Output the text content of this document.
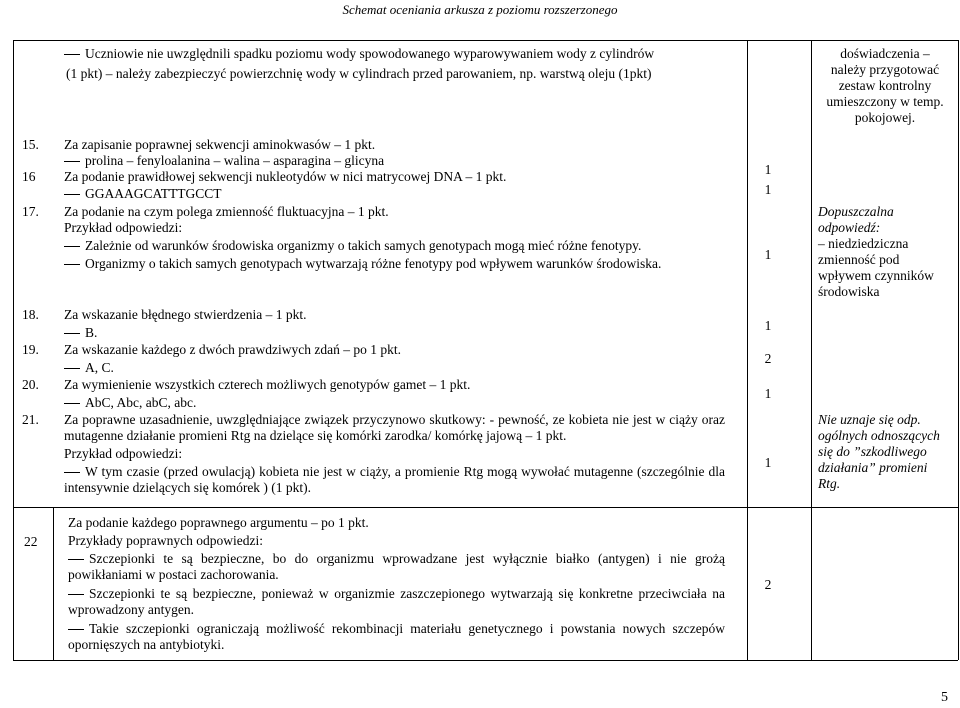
Schemat oceniania arkusza z poziomu rozszerzonego
Uczniowie nie uwzględnili spadku poziomu wody spowodowanego wyparowywaniem wody z cylindrów
(1 pkt) – należy zabezpieczyć powierzchnię wody w cylindrach przed parowaniem, np. warstwą oleju (1pkt)
doświadczenia –
należy przygotować
zestaw kontrolny
umieszczony w temp.
pokojowej.
15. Za zapisanie poprawnej sekwencji aminokwasów – 1 pkt.
prolina – fenyloalanina – walina – asparagina – glicyna
1
16 Za podanie prawidłowej sekwencji nukleotydów w nici matrycowej DNA – 1 pkt.
GGAAAGCATTTGCCT	1
17. Za podanie na czym polega zmienność fluktuacyjna – 1 pkt.
Przykład odpowiedzi:
Zależnie od warunków środowiska organizmy o takich samych genotypach mogą mieć różne fenotypy.
Organizmy o takich samych genotypach wytwarzają różne fenotypy pod wpływem warunków środowiska.
1
Dopuszczalna
odpowiedź:
– niedziedziczna
zmienność pod
wpływem czynników
środowiska
18. Za wskazanie błędnego stwierdzenia – 1 pkt.
B.	1
19. Za wskazanie każdego z dwóch prawdziwych zdań – po 1 pkt.
A, C.
2
20. Za wymienienie wszystkich czterech możliwych genotypów gamet – 1 pkt.
AbC, Abc, abC, abc.
1
21. Za poprawne uzasadnienie, uwzględniające związek przyczynowo skutkowy: - pewność, ze kobieta nie jest w ciąży oraz mutagenne działanie promieni Rtg na dzielące się komórki zarodka/ komórkę jajową – 1 pkt.
Przykład odpowiedzi:
W tym czasie (przed owulacją) kobieta nie jest w ciąży, a promienie Rtg mogą wywołać mutagenne (szczególnie dla intensywnie dzielących się komórek ) (1 pkt).
1
Nie uznaje się odp.
ogólnych odnoszących
się do ”szkodliwego
działania” promieni
Rtg.
22
Za podanie każdego poprawnego argumentu – po 1 pkt.
Przykłady poprawnych odpowiedzi:
Szczepionki te są bezpieczne, bo do organizmu wprowadzane jest wyłącznie białko (antygen) i nie grożą powikłaniami w postaci zachorowania.
Szczepionki te są bezpieczne, ponieważ w organizmie zaszczepionego wytwarzają się konkretne przeciwciała na wprowadzony antygen.
Takie szczepionki ograniczają możliwość rekombinacji materiału genetycznego i powstania nowych szczepów opornięszych na antybiotyki.
2
5
